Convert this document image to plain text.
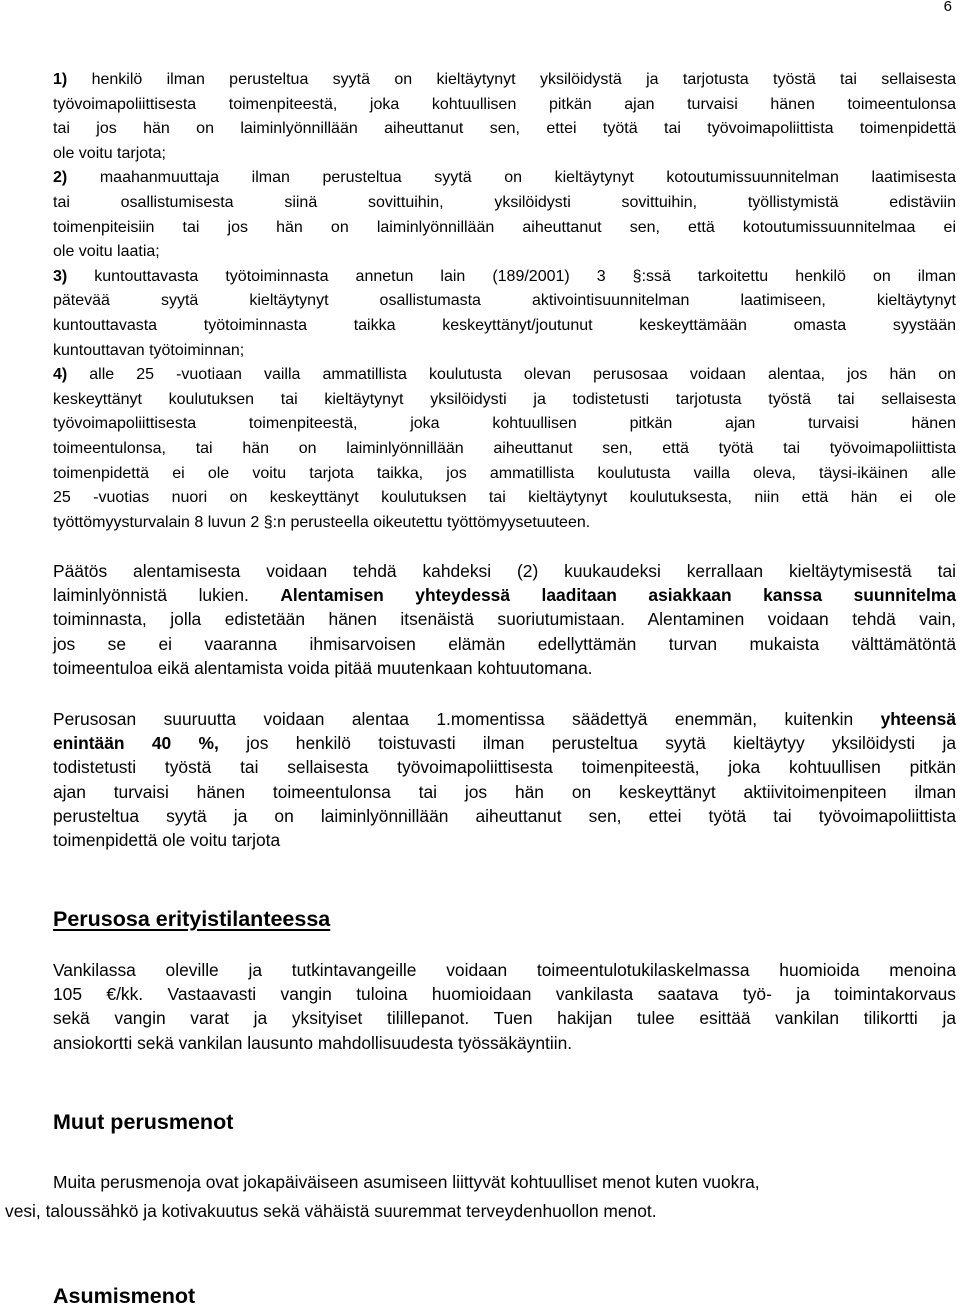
6
1) henkilö ilman perusteltua syytä on kieltäytynyt yksilöidystä ja tarjotusta työstä tai sellaisesta
työvoimapoliittisesta toimenpiteestä, joka kohtuullisen pitkän ajan turvaisi hänen toimeentulonsa
tai jos hän on laiminlyönnillään aiheuttanut sen, ettei työtä tai työvoimapoliittista toimenpidettä
ole voitu tarjota;
2) maahanmuuttaja ilman perusteltua syytä on kieltäytynyt kotoutumissuunnitelman laatimisesta
tai osallistumisesta siinä sovittuihin, yksilöidysti sovittuihin, työllistymistä edistäviin
toimenpiteisiin tai jos hän on laiminlyönnillään aiheuttanut sen, että kotoutumissuunnitelmaa ei
ole voitu laatia;
3) kuntouttavasta työtoiminnasta annetun lain (189/2001) 3 §:ssä tarkoitettu henkilö on ilman
pätevää syytä kieltäytynyt osallistumasta aktivointisuunnitelman laatimiseen, kieltäytynyt
kuntouttavasta työtoiminnasta taikka keskeyttänyt/joutunut keskeyttämään omasta syystään
kuntouttavan työtoiminnan;
4) alle 25 -vuotiaan vailla ammatillista koulutusta olevan perusosaa voidaan alentaa, jos hän on
keskeyttänyt koulutuksen tai kieltäytynyt yksilöidysti ja todistetusti tarjotusta työstä tai sellaisesta
työvoimapoliittisesta toimenpiteestä, joka kohtuullisen pitkän ajan turvaisi hänen
toimeentulonsa, tai hän on laiminlyönnillään aiheuttanut sen, että työtä tai työvoimapoliittista
toimenpidettä ei ole voitu tarjota taikka, jos ammatillista koulutusta vailla oleva, täysi-ikäinen alle
25 -vuotias nuori on keskeyttänyt koulutuksen tai kieltäytynyt koulutuksesta, niin että hän ei ole
työttömyysturvalain 8 luvun 2 §:n perusteella oikeutettu työttömyysetuuteen.
Päätös alentamisesta voidaan tehdä kahdeksi (2) kuukaudeksi kerrallaan kieltäytymisestä tai
laiminlyönnistä lukien. Alentamisen yhteydessä laaditaan asiakkaan kanssa suunnitelma
toiminnasta, jolla edistetään hänen itsenäistä suoriutumistaan. Alentaminen voidaan tehdä vain,
jos se ei vaaranna ihmisarvoisen elämän edellyttämän turvan mukaista välttämätöntä
toimeentuloa eikä alentamista voida pitää muutenkaan kohtuutomana.
Perusosan suuruutta voidaan alentaa 1.momentissa säädettyä enemmän, kuitenkin yhteensä
enintään 40 %, jos henkilö toistuvasti ilman perusteltua syytä kieltäytyy yksilöidysti ja
todistetusti työstä tai sellaisesta työvoimapoliittisesta toimenpiteestä, joka kohtuullisen pitkän
ajan turvaisi hänen toimeentulonsa tai jos hän on keskeyttänyt aktiivitoimenpiteen ilman
perusteltua syytä ja on laiminlyönnillään aiheuttanut sen, ettei työtä tai työvoimapoliittista
toimenpidettä ole voitu tarjota
Perusosa erityistilanteessa
Vankilassa oleville ja tutkintavangeille voidaan toimeentulotukilaskelmassa huomioida menoina
105 €/kk. Vastaavasti vangin tuloina huomioidaan vankilasta saatava työ- ja toimintakorvaus
sekä vangin varat ja yksityiset tilillepanot. Tuen hakijan tulee esittää vankilan tilikortti ja
ansiokortti sekä vankilan lausunto mahdollisuudesta työssäkäyntiin.
Muut perusmenot
Muita perusmenoja ovat jokapäiväiseen asumiseen liittyvät kohtuulliset menot kuten vuokra,
vesi, taloussähkö ja kotivakuutus sekä vähäistä suuremmat terveydenhuollon menot.
Asumismenot
